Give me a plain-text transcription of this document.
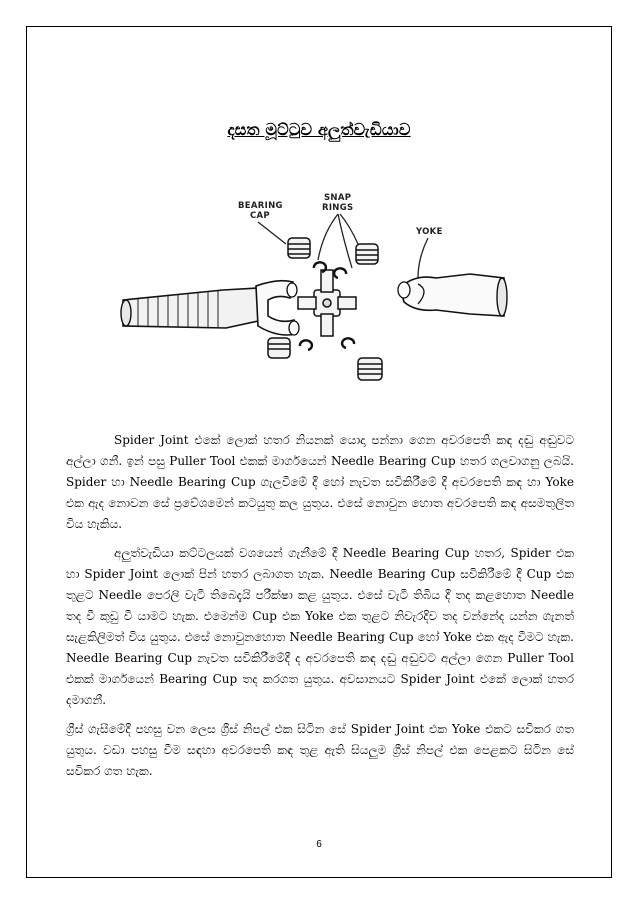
දසත මූට්ටුව අලුත්වැඩියාව
BEARING
CAP
SNAP
RINGS
YOKE

Spider Joint එකේ ලොක් හතර නියනක් යොදා පන්නා ගෙන අවරපෙති කඳ දඬු අඬුවට අල්ලා ගනී. ඉන් පසු Puller Tool එකක් මාර්ගයෙන් Needle Bearing Cup හතර ගලවාගනු ලබයි. Spider හා Needle Bearing Cup ගැලවීමේ දී හෝ නැවත සවිකිරීමේ දී අවරපෙති කඳ හා Yoke එක ඇද නොවන සේ ප්‍රවේශමෙන් කටයුතු කල යුතුය. එසේ නොවුන හොත අවරපෙති කඳ අසමතුලිත විය හැකිය.

අලුත්වැඩියා කට්ටලයක් වශයෙන් ගැනීමේ දී Needle Bearing Cup හතර, Spider එක හා Spider Joint ලොක් පින් හතර ලබාගත හැක. Needle Bearing Cup සවිකිරීමේ දී Cup එක තුළට Needle පෙරලි වැටී තිබෙදැයි පරීක්ෂා කළ යුතුය. එසේ වැටී තිබිය දී තද කළහොත Needle තද වී කුඩු වී යාමට හැක. එමෙන්ම Cup එක Yoke එක තුළට නිවැරදිව තද වන්නේද යන්න ගැනත් සැළකිලිමත් විය යුතුය. එසේ නොවුනහොත Needle Bearing Cup හෝ Yoke එක ඇද වීමට හැක. Needle Bearing Cup නැවත සවිකිරීමේදී ද අවරපෙති කඳ දඬු අඬුවට අල්ලා ගෙන Puller Tool එකක් මාර්ගයෙන් Bearing Cup තද කරගත යුතුය. අවසානයට Spider Joint එකේ ලොක් හතර දමාගනී.

ග්‍රීස් ගැසීමේදී පහසු වන ලෙස ග්‍රීස් නිපල් එක සිටින සේ Spider Joint එක Yoke එකට සවිකර ගත යුතුය. වඩා පහසු වීම සඳහා අවරපෙති කඳ තුළ ඇති සියලුම ග්‍රීස් නිපල් එක පෙළකට සිටින සේ සවිකර ගත හැක.

6
